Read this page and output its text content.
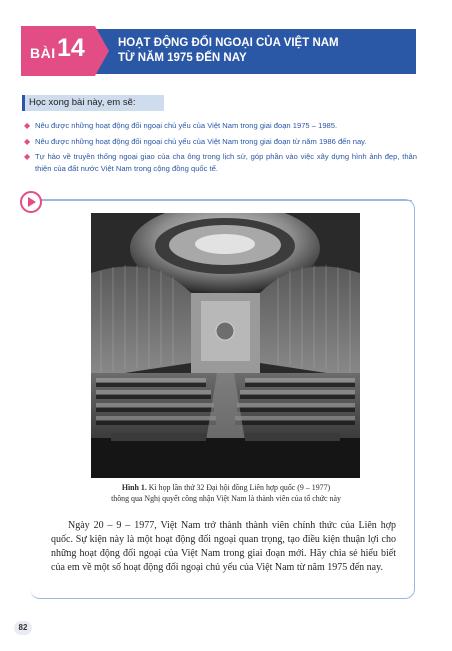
BÀI 14	HOẠT ĐỘNG ĐỐI NGOẠI CỦA VIỆT NAM
TỪ NĂM 1975 ĐẾN NAY
Học xong bài này, em sẽ:
◆ Nêu được những hoạt động đối ngoại chủ yếu của Việt Nam trong giai đoạn 1975 – 1985.
◆ Nêu được những hoạt động đối ngoại chủ yếu của Việt Nam trong giai đoạn từ năm 1986 đến nay.
◆ Tự hào về truyền thống ngoại giao của cha ông trong lịch sử, góp phần vào việc xây dựng hình ảnh đẹp, thân thiện của đất nước Việt Nam trong cộng đồng quốc tế.
Hình 1. Kì họp lần thứ 32 Đại hội đồng Liên hợp quốc (9 – 1977)
thông qua Nghị quyết công nhận Việt Nam là thành viên của tổ chức này
Ngày 20 – 9 – 1977, Việt Nam trở thành thành viên chính thức của Liên hợp quốc. Sự kiện này là một hoạt động đối ngoại quan trọng, tạo điều kiện thuận lợi cho những hoạt động đối ngoại của Việt Nam trong giai đoạn mới. Hãy chia sẻ hiểu biết của em về một số hoạt động đối ngoại chủ yếu của Việt Nam từ năm 1975 đến nay.
82
